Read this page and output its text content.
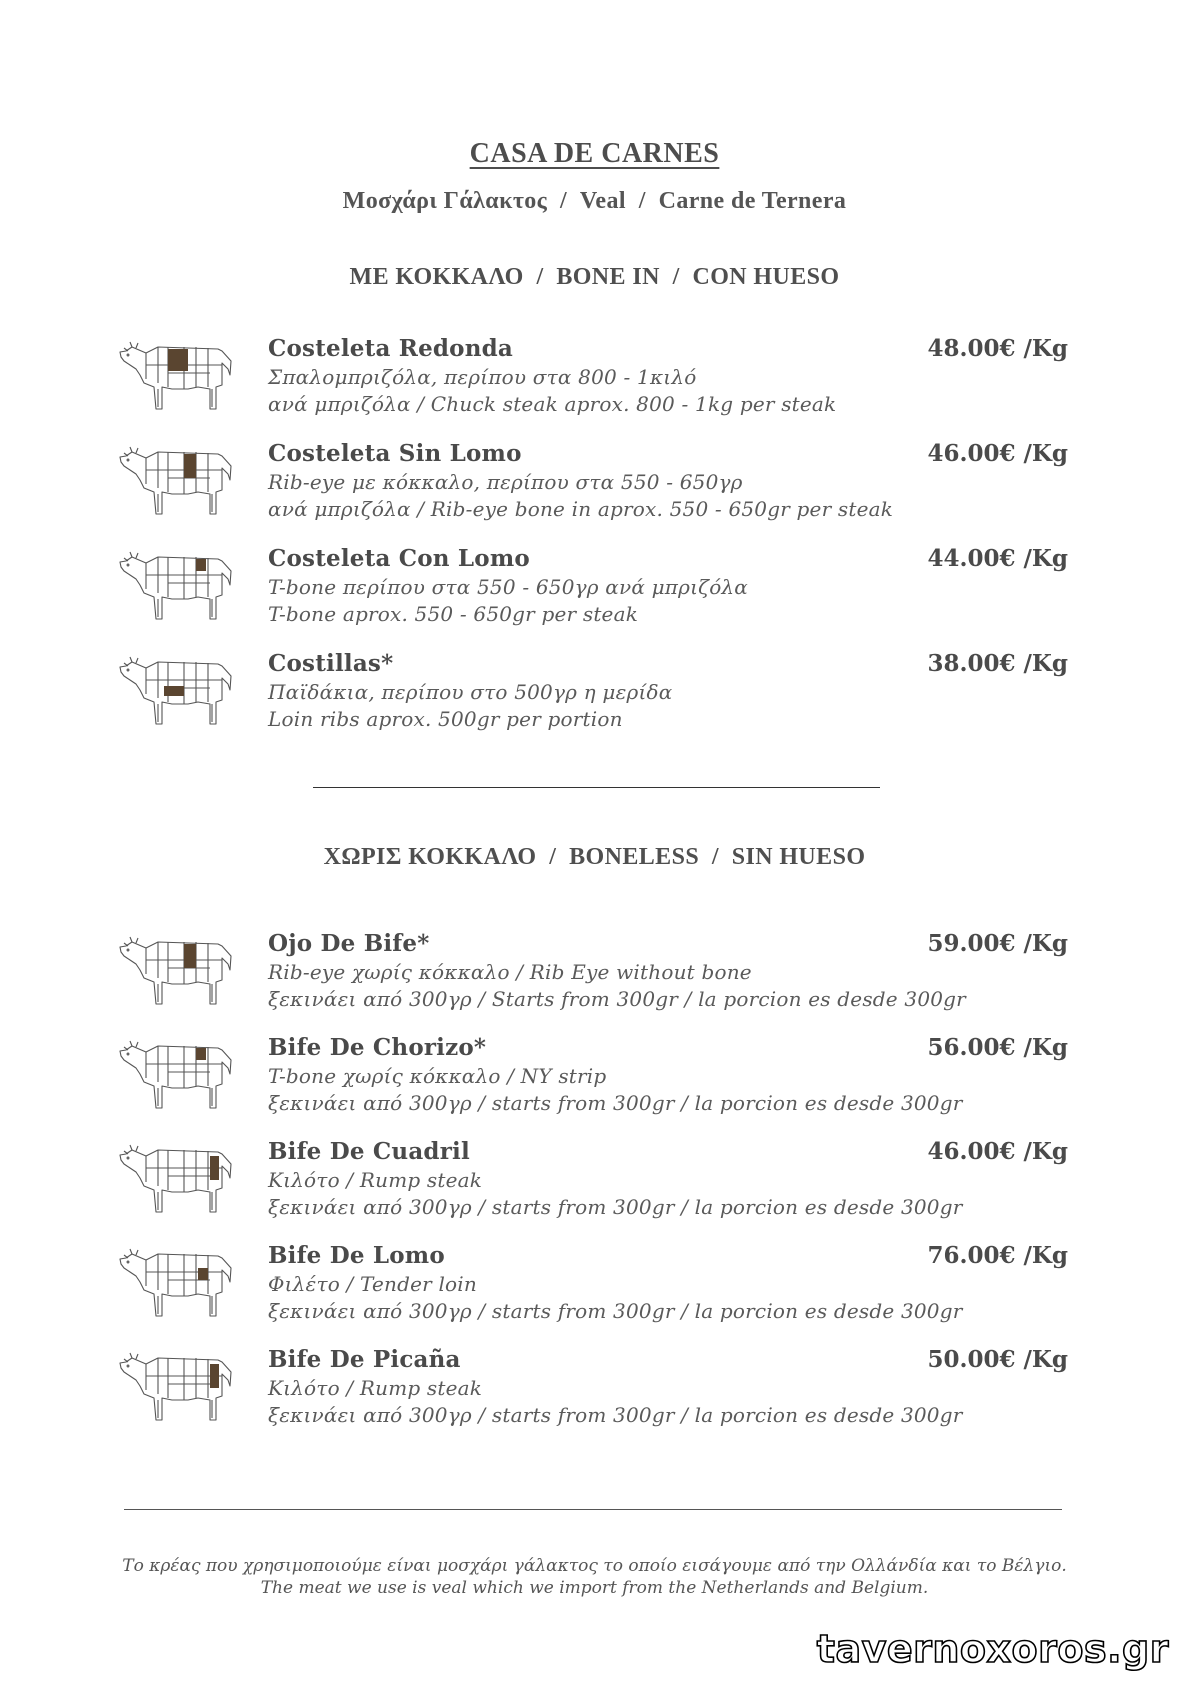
CASA DE CARNES
Μοσχάρι Γάλακτος  /  Veal  /  Carne de Ternera
ΜΕ ΚΟΚΚΑΛΟ  /  BONE IN  /  CON HUESO
Costeleta Redonda	48.00€ /Kg
Σπαλομπριζόλα, περίπου στα 800 - 1κιλό
ανά μπριζόλα / Chuck steak aprox. 800 - 1kg per steak
Costeleta Sin Lomo	46.00€ /Kg
Rib-eye με κόκκαλο, περίπου στα 550 - 650γρ
ανά μπριζόλα / Rib-eye bone in aprox. 550 - 650gr per steak
Costeleta Con Lomo	44.00€ /Kg
T-bone περίπου στα 550 - 650γρ ανά μπριζόλα
T-bone aprox. 550 - 650gr per steak
Costillas*	38.00€ /Kg
Παϊδάκια, περίπου στο 500γρ η μερίδα
Loin ribs aprox. 500gr per portion
ΧΩΡΙΣ ΚΟΚΚΑΛΟ  /  BONELESS  /  SIN HUESO
Ojo De Bife*	59.00€ /Kg
Rib-eye χωρίς κόκκαλο / Rib Eye without bone
ξεκινάει από 300γρ / Starts from 300gr / la porcion es desde 300gr
Bife De Chorizo*	56.00€ /Kg
T-bone χωρίς κόκκαλο / NY strip
ξεκινάει από 300γρ / starts from 300gr / la porcion es desde 300gr
Bife De Cuadril	46.00€ /Kg
Κιλότο / Rump steak
ξεκινάει από 300γρ / starts from 300gr / la porcion es desde 300gr
Bife De Lomo	76.00€ /Kg
Φιλέτο / Tender loin
ξεκινάει από 300γρ / starts from 300gr / la porcion es desde 300gr
Bife De Picaña	50.00€ /Kg
Κιλότο / Rump steak
ξεκινάει από 300γρ / starts from 300gr / la porcion es desde 300gr
Το κρέας που χρησιμοποιούμε είναι μοσχάρι γάλακτος το οποίο εισάγουμε από την Ολλάνδία και το Βέλγιο.
The meat we use is veal which we import from the Netherlands and Belgium.
tavernoxoros.gr
